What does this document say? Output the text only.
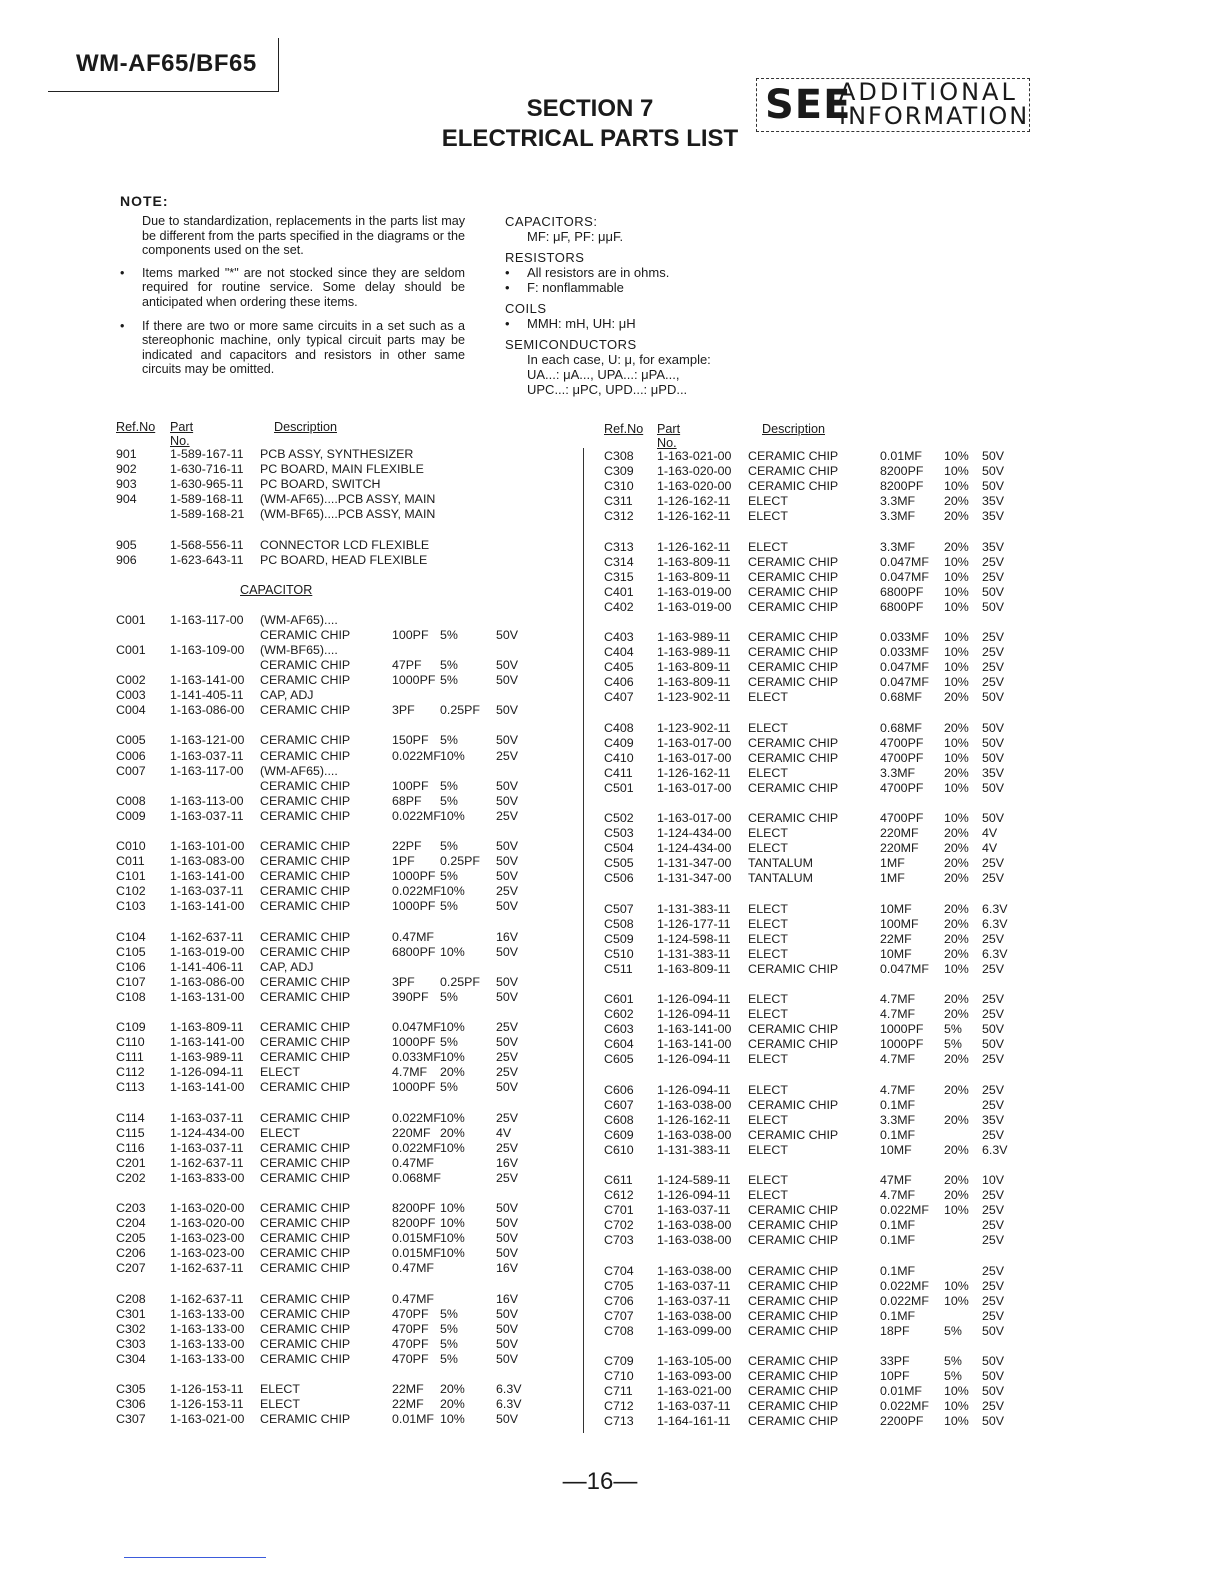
WM-AF65/BF65
SECTION 7
ELECTRICAL PARTS LIST
SEE
ADDITIONAL
INFORMATION
NOTE:
Due to standardization, replacements in the parts list may be different from the parts specified in the diagrams or the components used on the set.
• Items marked "*" are not stocked since they are seldom required for routine service. Some delay should be anticipated when ordering these items.
• If there are two or more same circuits in a set such as a stereophonic machine, only typical circuit parts may be indicated and capacitors and resistors in other same circuits may be omitted.
CAPACITORS:
MF: μF, PF: μμF.
RESISTORS
• All resistors are in ohms.
• F: nonflammable
COILS
• MMH: mH, UH: μH
SEMICONDUCTORS
In each case, U: μ, for example:
UA...: μA..., UPA...: μPA...,
UPC...: μPC, UPD...: μPD...
Ref.No Part No.
Description
901	1-589-167-11 PCB ASSY, SYNTHESIZER
902	1-630-716-11 PC BOARD, MAIN FLEXIBLE
903	1-630-965-11 PC BOARD, SWITCH
904	1-589-168-11 (WM-AF65)....PCB ASSY, MAIN
1-589-168-21 (WM-BF65)....PCB ASSY, MAIN
905	1-568-556-11 CONNECTOR LCD FLEXIBLE
906	1-623-643-11 PC BOARD, HEAD FLEXIBLE
CAPACITOR
C001 1-163-117-00 (WM-AF65)....
CERAMIC CHIP	100PF 5%	50V
C001 1-163-109-00 (WM-BF65)....
CERAMIC CHIP	47PF 5%	50V
C002 1-163-141-00 CERAMIC CHIP	1000PF 5%	50V
C003 1-141-405-11 CAP, ADJ
C004 1-163-086-00 CERAMIC CHIP	3PF 0.25PF 50V
C005 1-163-121-00 CERAMIC CHIP	150PF 5%	50V
C006 1-163-037-11 CERAMIC CHIP	0.022MF 10%	25V
C007 1-163-117-00 (WM-AF65)....
CERAMIC CHIP	100PF 5%	50V
C008 1-163-113-00 CERAMIC CHIP	68PF 5%	50V
C009 1-163-037-11 CERAMIC CHIP	0.022MF 10%	25V
C010 1-163-101-00 CERAMIC CHIP	22PF 5%	50V
C011 1-163-083-00 CERAMIC CHIP	1PF 0.25PF 50V
C101 1-163-141-00 CERAMIC CHIP	1000PF 5%	50V
C102 1-163-037-11 CERAMIC CHIP	0.022MF 10%	25V
C103 1-163-141-00 CERAMIC CHIP	1000PF 5%	50V
C104 1-162-637-11 CERAMIC CHIP	0.47MF	16V
C105 1-163-019-00 CERAMIC CHIP	6800PF 10%	50V
C106 1-141-406-11 CAP, ADJ
C107 1-163-086-00 CERAMIC CHIP	3PF 0.25PF 50V
C108 1-163-131-00 CERAMIC CHIP	390PF 5%	50V
C109 1-163-809-11 CERAMIC CHIP	0.047MF 10%	25V
C110 1-163-141-00 CERAMIC CHIP	1000PF 5%	50V
C111 1-163-989-11 CERAMIC CHIP	0.033MF 10%	25V
C112 1-126-094-11 ELECT	4.7MF 20%	25V
C113 1-163-141-00 CERAMIC CHIP	1000PF 5%	50V
C114 1-163-037-11 CERAMIC CHIP	0.022MF 10%	25V
C115 1-124-434-00 ELECT	220MF 20%	4V
C116 1-163-037-11 CERAMIC CHIP	0.022MF 10%	25V
C201 1-162-637-11 CERAMIC CHIP	0.47MF	16V
C202 1-163-833-00 CERAMIC CHIP	0.068MF	25V
C203 1-163-020-00 CERAMIC CHIP	8200PF 10%	50V
C204 1-163-020-00 CERAMIC CHIP	8200PF 10%	50V
C205 1-163-023-00 CERAMIC CHIP	0.015MF 10%	50V
C206 1-163-023-00 CERAMIC CHIP	0.015MF 10%	50V
C207 1-162-637-11 CERAMIC CHIP	0.47MF	16V
C208 1-162-637-11 CERAMIC CHIP	0.47MF	16V
C301 1-163-133-00 CERAMIC CHIP	470PF 5%	50V
C302 1-163-133-00 CERAMIC CHIP	470PF 5%	50V
C303 1-163-133-00 CERAMIC CHIP	470PF 5%	50V
C304 1-163-133-00 CERAMIC CHIP	470PF 5%	50V
C305 1-126-153-11 ELECT	22MF 20%	6.3V
C306 1-126-153-11 ELECT	22MF 20%	6.3V
C307 1-163-021-00 CERAMIC CHIP	0.01MF 10%	50V
Ref.No Part No.
Description
C308 1-163-021-00 CERAMIC CHIP	0.01MF 10% 50V
C309 1-163-020-00 CERAMIC CHIP	8200PF 10% 50V
C310 1-163-020-00 CERAMIC CHIP	8200PF 10% 50V
C311 1-126-162-11 ELECT	3.3MF 20% 35V
C312 1-126-162-11 ELECT	3.3MF 20% 35V
C313 1-126-162-11 ELECT	3.3MF 20% 35V
C314 1-163-809-11 CERAMIC CHIP	0.047MF 10% 25V
C315 1-163-809-11 CERAMIC CHIP	0.047MF 10% 25V
C401 1-163-019-00 CERAMIC CHIP	6800PF 10% 50V
C402 1-163-019-00 CERAMIC CHIP	6800PF 10% 50V
C403 1-163-989-11 CERAMIC CHIP	0.033MF 10% 25V
C404 1-163-989-11 CERAMIC CHIP	0.033MF 10% 25V
C405 1-163-809-11 CERAMIC CHIP	0.047MF 10% 25V
C406 1-163-809-11 CERAMIC CHIP	0.047MF 10% 25V
C407 1-123-902-11 ELECT	0.68MF 20% 50V
C408 1-123-902-11 ELECT	0.68MF 20% 50V
C409 1-163-017-00 CERAMIC CHIP	4700PF 10% 50V
C410 1-163-017-00 CERAMIC CHIP	4700PF 10% 50V
C411 1-126-162-11 ELECT	3.3MF 20% 35V
C501 1-163-017-00 CERAMIC CHIP	4700PF 10% 50V
C502 1-163-017-00 CERAMIC CHIP	4700PF 10% 50V
C503 1-124-434-00 ELECT	220MF 20% 4V
C504 1-124-434-00 ELECT	220MF 20% 4V
C505 1-131-347-00 TANTALUM	1MF	20% 25V
C506 1-131-347-00 TANTALUM	1MF	20% 25V
C507 1-131-383-11 ELECT	10MF	20% 6.3V
C508 1-126-177-11 ELECT	100MF 20% 6.3V
C509 1-124-598-11 ELECT	22MF	20% 25V
C510 1-131-383-11 ELECT	10MF	20% 6.3V
C511 1-163-809-11 CERAMIC CHIP	0.047MF 10% 25V
C601 1-126-094-11 ELECT	4.7MF 20% 25V
C602 1-126-094-11 ELECT	4.7MF 20% 25V
C603 1-163-141-00 CERAMIC CHIP	1000PF 5% 50V
C604 1-163-141-00 CERAMIC CHIP	1000PF 5% 50V
C605 1-126-094-11 ELECT	4.7MF 20% 25V
C606 1-126-094-11 ELECT	4.7MF 20% 25V
C607 1-163-038-00 CERAMIC CHIP	0.1MF	25V
C608 1-126-162-11 ELECT	3.3MF 20% 35V
C609 1-163-038-00 CERAMIC CHIP	0.1MF	25V
C610 1-131-383-11 ELECT	10MF	20% 6.3V
C611 1-124-589-11 ELECT	47MF	20% 10V
C612 1-126-094-11 ELECT	4.7MF 20% 25V
C701 1-163-037-11 CERAMIC CHIP	0.022MF 10% 25V
C702 1-163-038-00 CERAMIC CHIP	0.1MF	25V
C703 1-163-038-00 CERAMIC CHIP	0.1MF	25V
C704 1-163-038-00 CERAMIC CHIP	0.1MF	25V
C705 1-163-037-11 CERAMIC CHIP	0.022MF 10% 25V
C706 1-163-037-11 CERAMIC CHIP	0.022MF 10% 25V
C707 1-163-038-00 CERAMIC CHIP	0.1MF	25V
C708 1-163-099-00 CERAMIC CHIP	18PF	5% 50V
C709 1-163-105-00 CERAMIC CHIP	33PF	5% 50V
C710 1-163-093-00 CERAMIC CHIP	10PF	5% 50V
C711 1-163-021-00 CERAMIC CHIP	0.01MF 10% 50V
C712 1-163-037-11 CERAMIC CHIP	0.022MF 10% 25V
C713 1-164-161-11 CERAMIC CHIP	2200PF 10% 50V
—16—
